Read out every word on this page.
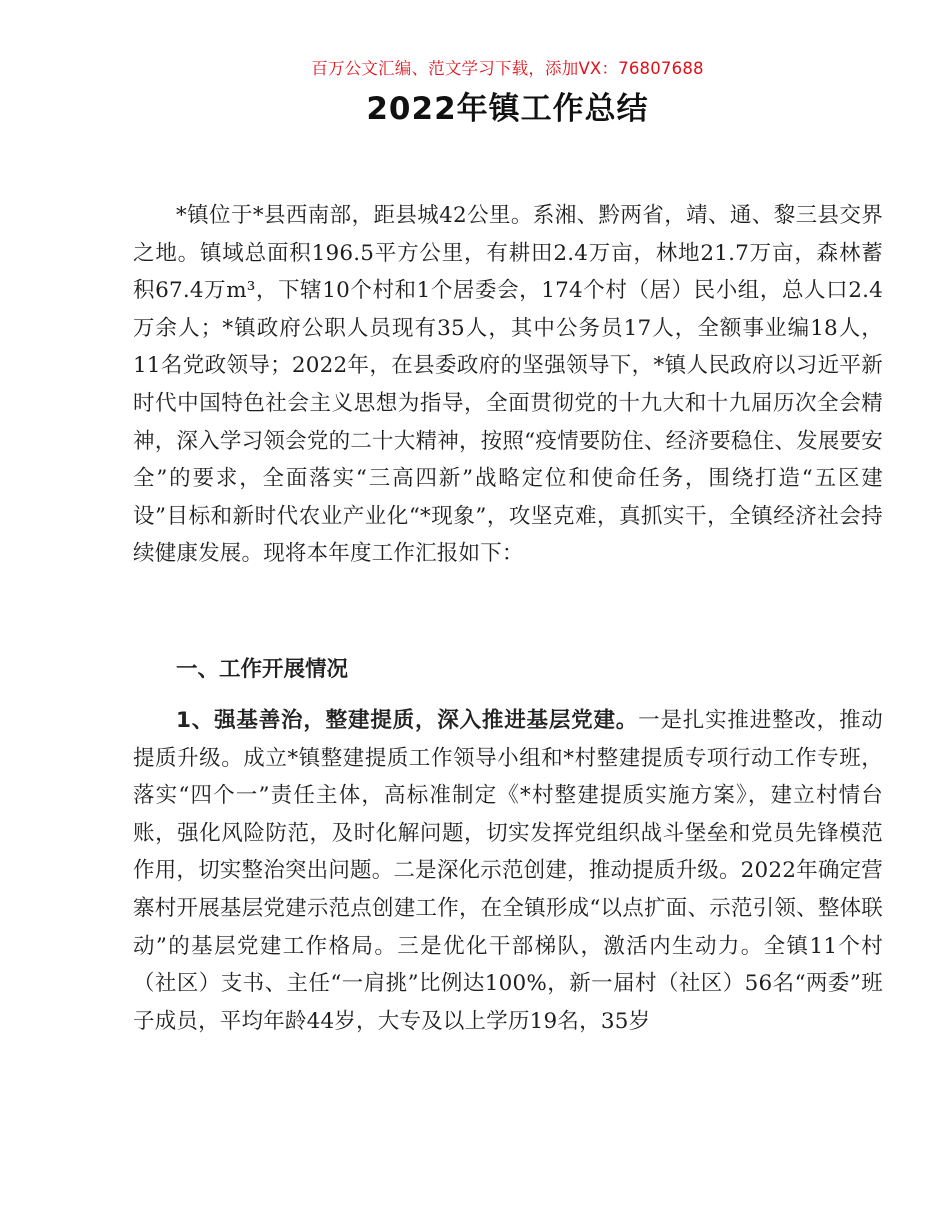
百万公文汇编、范文学习下载，添加VX：76807688
2022年镇工作总结

*镇位于*县西南部，距县城42公里。系湘、黔两省，靖、通、黎三县交界之地。镇域总面积196.5平方公里，有耕田2.4万亩，林地21.7万亩，森林蓄积67.4万m³，下辖10个村和1个居委会，174个村（居）民小组，总人口2.4万余人；*镇政府公职人员现有35人，其中公务员17人，全额事业编18人，11名党政领导；2022年，在县委政府的坚强领导下，*镇人民政府以习近平新时代中国特色社会主义思想为指导，全面贯彻党的十九大和十九届历次全会精神，深入学习领会党的二十大精神，按照“疫情要防住、经济要稳住、发展要安全”的要求，全面落实“三高四新”战略定位和使命任务，围绕打造“五区建设”目标和新时代农业产业化“*现象”，攻坚克难，真抓实干，全镇经济社会持续健康发展。现将本年度工作汇报如下：

一、工作开展情况

1、强基善治，整建提质，深入推进基层党建。一是扎实推进整改，推动提质升级。成立*镇整建提质工作领导小组和*村整建提质专项行动工作专班，落实“四个一”责任主体，高标准制定《*村整建提质实施方案》，建立村情台账，强化风险防范，及时化解问题，切实发挥党组织战斗堡垒和党员先锋模范作用，切实整治突出问题。二是深化示范创建，推动提质升级。2022年确定营寨村开展基层党建示范点创建工作，在全镇形成“以点扩面、示范引领、整体联动”的基层党建工作格局。三是优化干部梯队，激活内生动力。全镇11个村（社区）支书、主任“一肩挑”比例达100%，新一届村（社区）56名“两委”班子成员，平均年龄44岁，大专及以上学历19名，35岁
